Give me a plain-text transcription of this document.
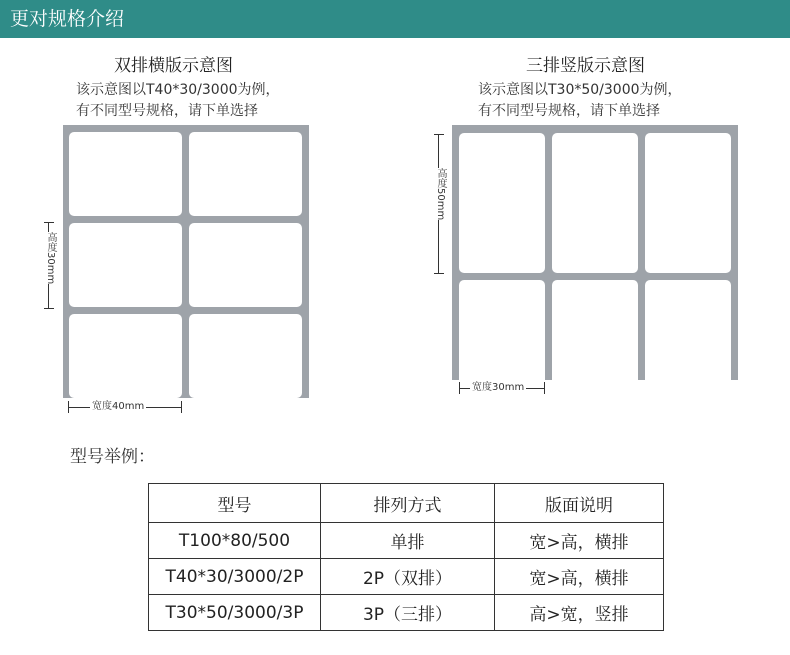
更对规格介绍
双排横版示意图
该示意图以T40*30/3000为例，
有不同型号规格，请下单选择
高度30mm
宽度40mm
三排竖版示意图
该示意图以T30*50/3000为例，
有不同型号规格，请下单选择
高度50mm
宽度30mm
型号举例：
型号	排列方式	版面说明
T100*80/500	单排	宽>高，横排
T40*30/3000/2P	2P（双排）	宽>高，横排
T30*50/3000/3P	3P（三排）	高>宽，竖排
